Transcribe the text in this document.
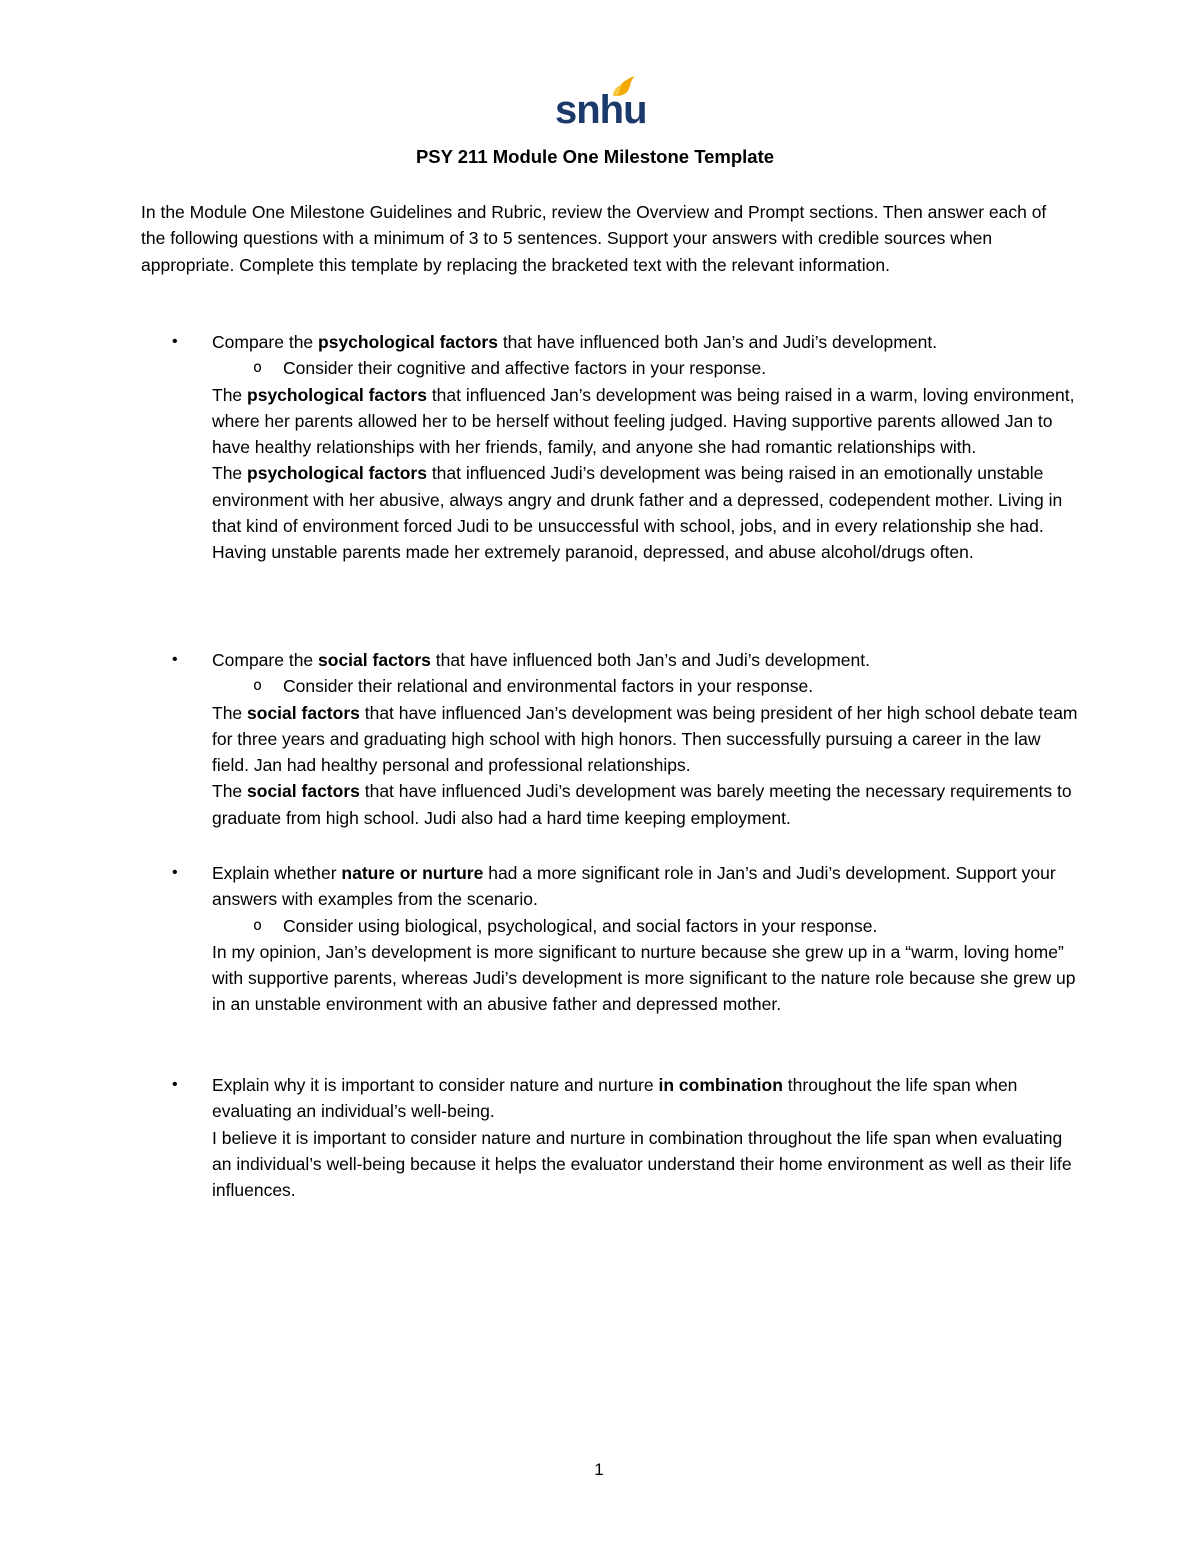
snhu
PSY 211 Module One Milestone Template

In the Module One Milestone Guidelines and Rubric, review the Overview and Prompt sections. Then answer each of the following questions with a minimum of 3 to 5 sentences. Support your answers with credible sources when appropriate. Complete this template by replacing the bracketed text with the relevant information.

• Compare the psychological factors that have influenced both Jan’s and Judi’s development.
o Consider their cognitive and affective factors in your response.
The psychological factors that influenced Jan’s development was being raised in a warm, loving environment, where her parents allowed her to be herself without feeling judged. Having supportive parents allowed Jan to have healthy relationships with her friends, family, and anyone she had romantic relationships with.
The psychological factors that influenced Judi’s development was being raised in an emotionally unstable environment with her abusive, always angry and drunk father and a depressed, codependent mother. Living in that kind of environment forced Judi to be unsuccessful with school, jobs, and in every relationship she had. Having unstable parents made her extremely paranoid, depressed, and abuse alcohol/drugs often.
• Compare the social factors that have influenced both Jan’s and Judi’s development.
o Consider their relational and environmental factors in your response.
The social factors that have influenced Jan’s development was being president of her high school debate team for three years and graduating high school with high honors. Then successfully pursuing a career in the law field. Jan had healthy personal and professional relationships.
The social factors that have influenced Judi’s development was barely meeting the necessary requirements to graduate from high school. Judi also had a hard time keeping employment.
• Explain whether nature or nurture had a more significant role in Jan’s and Judi’s development. Support your answers with examples from the scenario.
o Consider using biological, psychological, and social factors in your response.
In my opinion, Jan’s development is more significant to nurture because she grew up in a “warm, loving home” with supportive parents, whereas Judi’s development is more significant to the nature role because she grew up in an unstable environment with an abusive father and depressed mother.
• Explain why it is important to consider nature and nurture in combination throughout the life span when evaluating an individual’s well-being.
I believe it is important to consider nature and nurture in combination throughout the life span when evaluating an individual’s well-being because it helps the evaluator understand their home environment as well as their life influences.
1
